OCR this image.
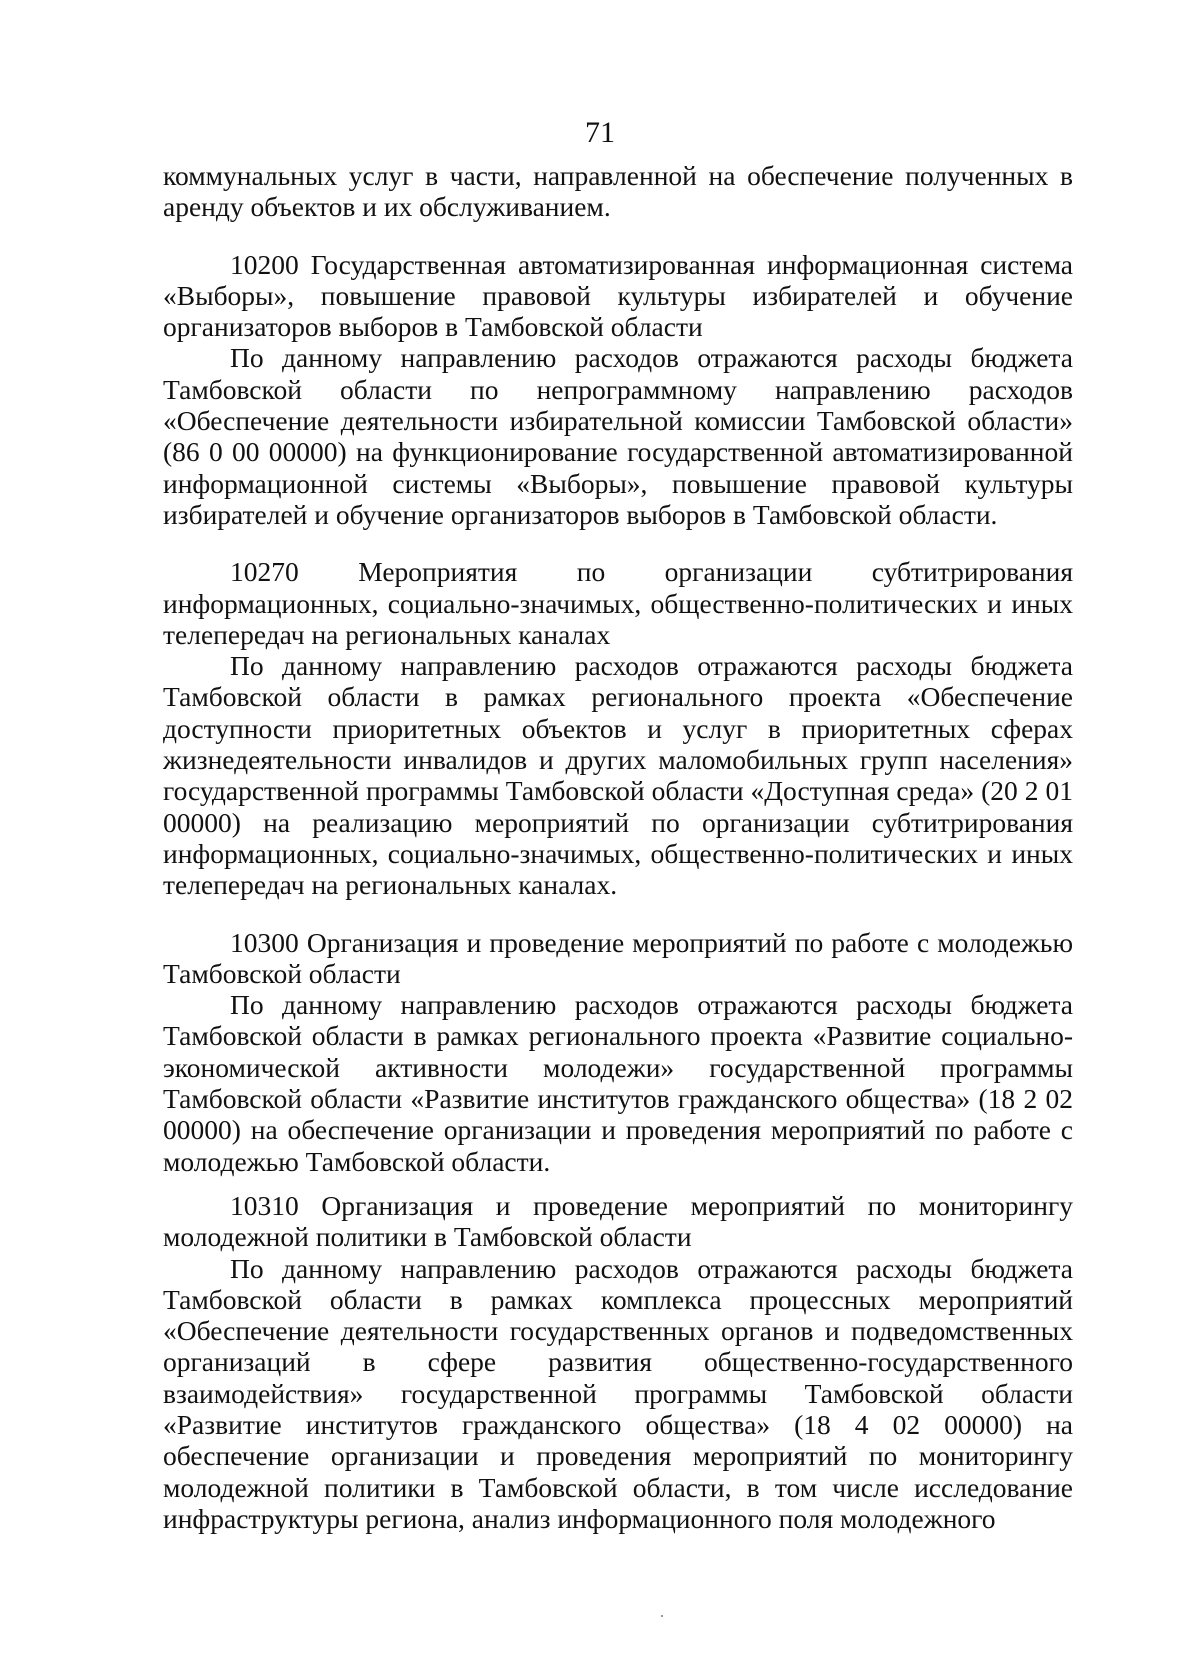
71

коммунальных услуг в части, направленной на обеспечение полученных в аренду объектов и их обслуживанием.

10200 Государственная автоматизированная информационная система «Выборы», повышение правовой культуры избирателей и обучение организаторов выборов в Тамбовской области

По данному направлению расходов отражаются расходы бюджета Тамбовской области по непрограммному направлению расходов «Обеспечение деятельности избирательной комиссии Тамбовской области» (86 0 00 00000) на функционирование государственной автоматизированной информационной системы «Выборы», повышение правовой культуры избирателей и обучение организаторов выборов в Тамбовской области.

10270 Мероприятия по организации субтитрирования информационных, социально-значимых, общественно-политических и иных телепередач на региональных каналах

По данному направлению расходов отражаются расходы бюджета Тамбовской области в рамках регионального проекта «Обеспечение доступности приоритетных объектов и услуг в приоритетных сферах жизнедеятельности инвалидов и других маломобильных групп населения» государственной программы Тамбовской области «Доступная среда» (20 2 01 00000) на реализацию мероприятий по организации субтитрирования информационных, социально-значимых, общественно-политических и иных телепередач на региональных каналах.

10300 Организация и проведение мероприятий по работе с молодежью Тамбовской области

По данному направлению расходов отражаются расходы бюджета Тамбовской области в рамках регионального проекта «Развитие социально-экономической активности молодежи» государственной программы Тамбовской области «Развитие институтов гражданского общества» (18 2 02 00000) на обеспечение организации и проведения мероприятий по работе с молодежью Тамбовской области.

10310 Организация и проведение мероприятий по мониторингу молодежной политики в Тамбовской области

По данному направлению расходов отражаются расходы бюджета Тамбовской области в рамках комплекса процессных мероприятий «Обеспечение деятельности государственных органов и подведомственных организаций в сфере развития общественно-государственного взаимодействия» государственной программы Тамбовской области «Развитие институтов гражданского общества» (18 4 02 00000) на обеспечение организации и проведения мероприятий по мониторингу молодежной политики в Тамбовской области, в том числе исследование инфраструктуры региона, анализ информационного поля молодежного
